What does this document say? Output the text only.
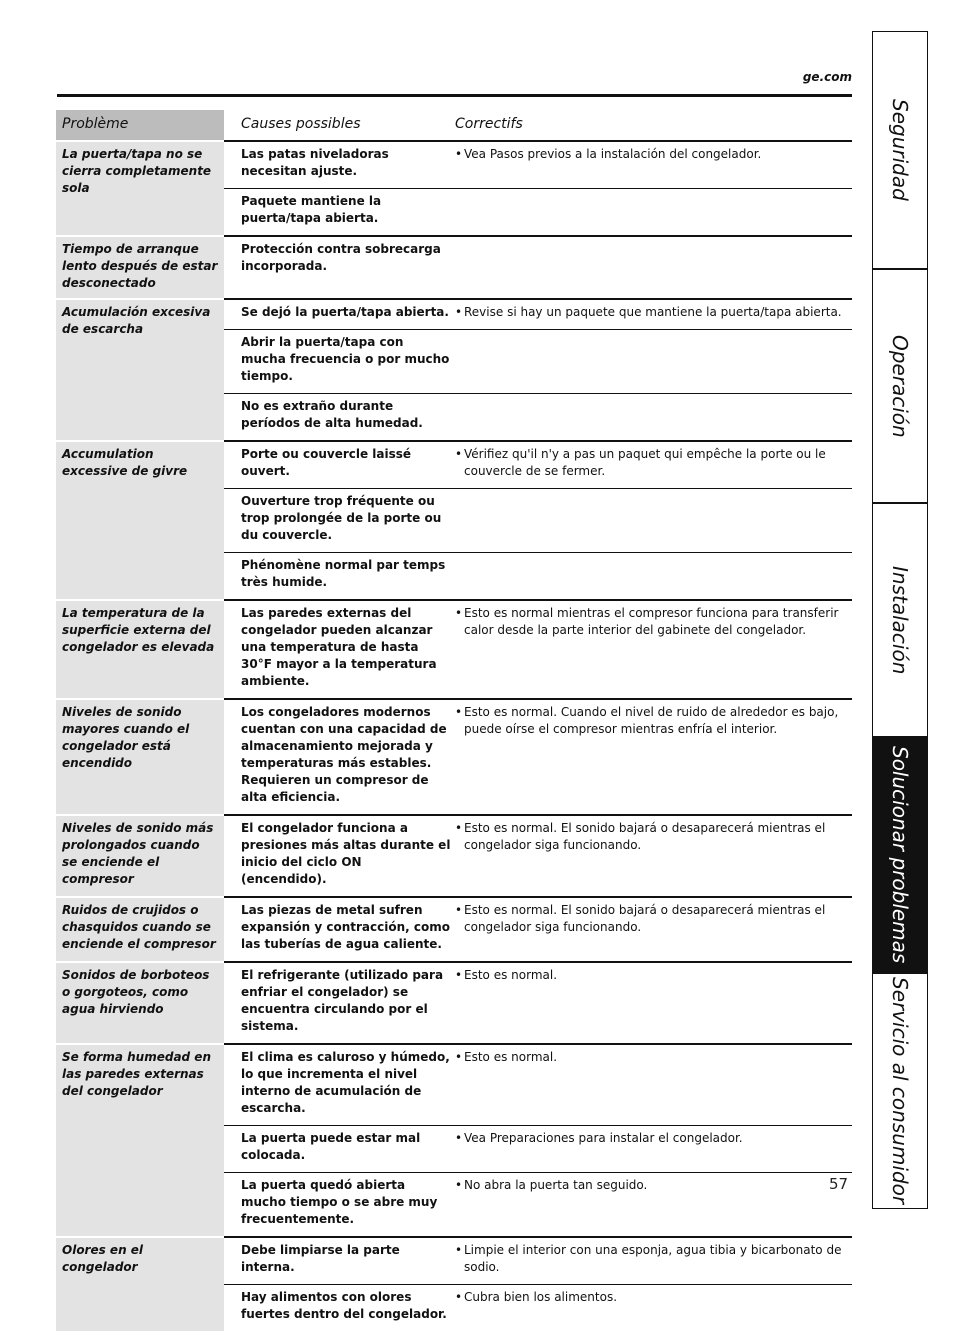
ge.com
Problème	Causes possibles	Correctifs
La puerta/tapa no se cierra completamente sola	Las patas niveladoras necesitan ajuste.	• Vea Pasos previos a la instalación del congelador.

	Paquete mantiene la puerta/tapa abierta.	
Tiempo de arranque lento después de estar desconectado	Protección contra sobrecarga incorporada.	
Acumulación excesiva de escarcha	Se dejó la puerta/tapa abierta.	• Revise si hay un paquete que mantiene la puerta/tapa abierta.

	Abrir la puerta/tapa con mucha frecuencia o por mucho tiempo.	
	No es extraño durante períodos de alta humedad.	
Accumulation excessive de givre	Porte ou couvercle laissé ouvert.	• Vérifiez qu'il n'y a pas un paquet qui empêche la porte ou le couvercle de se fermer.

	Ouverture trop fréquente ou trop prolongée de la porte ou du couvercle.	
	Phénomène normal par temps très humide.	
La temperatura de la superficie externa del congelador es elevada	Las paredes externas del congelador pueden alcanzar una temperatura de hasta 30°F mayor a la temperatura ambiente.	• Esto es normal mientras el compresor funciona para transferir calor desde la parte interior del gabinete del congelador.

Niveles de sonido mayores cuando el congelador está encendido	Los congeladores modernos cuentan con una capacidad de almacenamiento mejorada y temperaturas más estables. Requieren un compresor de alta eficiencia.	• Esto es normal. Cuando el nivel de ruido de alrededor es bajo, puede oírse el compresor mientras enfría el interior.

Niveles de sonido más prolongados cuando se enciende el compresor	El congelador funciona a presiones más altas durante el inicio del ciclo ON (encendido).	• Esto es normal. El sonido bajará o desaparecerá mientras el congelador siga funcionando.

Ruidos de crujidos o chasquidos cuando se enciende el compresor	Las piezas de metal sufren expansión y contracción, como las tuberías de agua caliente.	• Esto es normal. El sonido bajará o desaparecerá mientras el congelador siga funcionando.

Sonidos de borboteos o gorgoteos, como agua hirviendo	El refrigerante (utilizado para enfriar el congelador) se encuentra circulando por el sistema.	• Esto es normal.

Se forma humedad en las paredes externas del congelador	El clima es caluroso y húmedo, lo que incrementa el nivel interno de acumulación de escarcha.	• Esto es normal.

	La puerta puede estar mal colocada.	• Vea Preparaciones para instalar el congelador.

	La puerta quedó abierta mucho tiempo o se abre muy frecuentemente.	• No abra la puerta tan seguido.

Olores en el congelador	Debe limpiarse la parte interna.	• Limpie el interior con una esponja, agua tibia y bicarbonato de sodio.

	Hay alimentos con olores fuertes dentro del congelador.	• Cubra bien los alimentos.
57
Seguridad
Operación
Instalación
Solucionar problemas
Servicio al consumidor
